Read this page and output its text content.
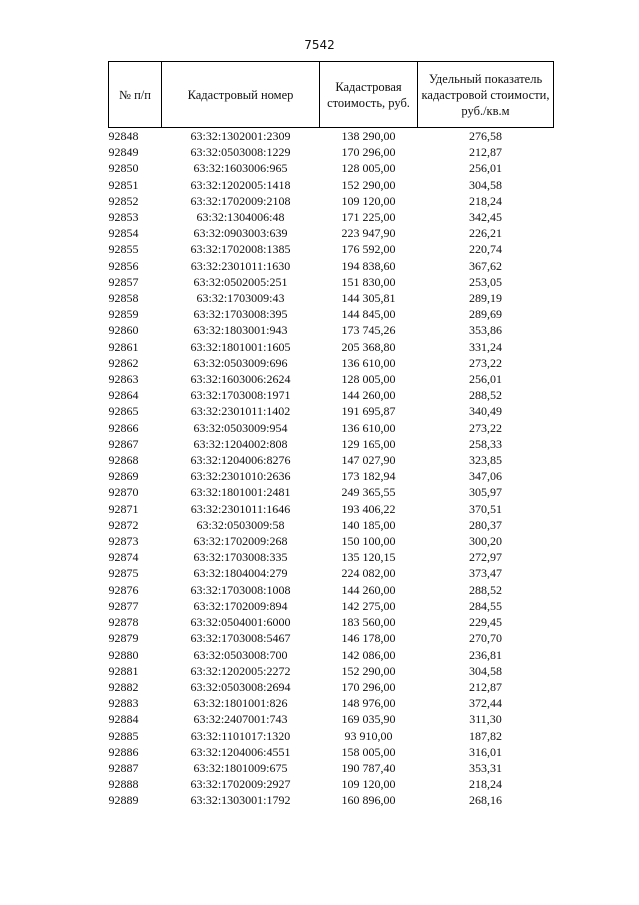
7542
№ п/п	Кадастровый номер	Кадастровая стоимость, руб.	Удельный показатель кадастровой стоимости, руб./кв.м
92848	63:32:1302001:2309	138 290,00	276,58
92849	63:32:0503008:1229	170 296,00	212,87
92850	63:32:1603006:965	128 005,00	256,01
92851	63:32:1202005:1418	152 290,00	304,58
92852	63:32:1702009:2108	109 120,00	218,24
92853	63:32:1304006:48	171 225,00	342,45
92854	63:32:0903003:639	223 947,90	226,21
92855	63:32:1702008:1385	176 592,00	220,74
92856	63:32:2301011:1630	194 838,60	367,62
92857	63:32:0502005:251	151 830,00	253,05
92858	63:32:1703009:43	144 305,81	289,19
92859	63:32:1703008:395	144 845,00	289,69
92860	63:32:1803001:943	173 745,26	353,86
92861	63:32:1801001:1605	205 368,80	331,24
92862	63:32:0503009:696	136 610,00	273,22
92863	63:32:1603006:2624	128 005,00	256,01
92864	63:32:1703008:1971	144 260,00	288,52
92865	63:32:2301011:1402	191 695,87	340,49
92866	63:32:0503009:954	136 610,00	273,22
92867	63:32:1204002:808	129 165,00	258,33
92868	63:32:1204006:8276	147 027,90	323,85
92869	63:32:2301010:2636	173 182,94	347,06
92870	63:32:1801001:2481	249 365,55	305,97
92871	63:32:2301011:1646	193 406,22	370,51
92872	63:32:0503009:58	140 185,00	280,37
92873	63:32:1702009:268	150 100,00	300,20
92874	63:32:1703008:335	135 120,15	272,97
92875	63:32:1804004:279	224 082,00	373,47
92876	63:32:1703008:1008	144 260,00	288,52
92877	63:32:1702009:894	142 275,00	284,55
92878	63:32:0504001:6000	183 560,00	229,45
92879	63:32:1703008:5467	146 178,00	270,70
92880	63:32:0503008:700	142 086,00	236,81
92881	63:32:1202005:2272	152 290,00	304,58
92882	63:32:0503008:2694	170 296,00	212,87
92883	63:32:1801001:826	148 976,00	372,44
92884	63:32:2407001:743	169 035,90	311,30
92885	63:32:1101017:1320	93 910,00	187,82
92886	63:32:1204006:4551	158 005,00	316,01
92887	63:32:1801009:675	190 787,40	353,31
92888	63:32:1702009:2927	109 120,00	218,24
92889	63:32:1303001:1792	160 896,00	268,16
